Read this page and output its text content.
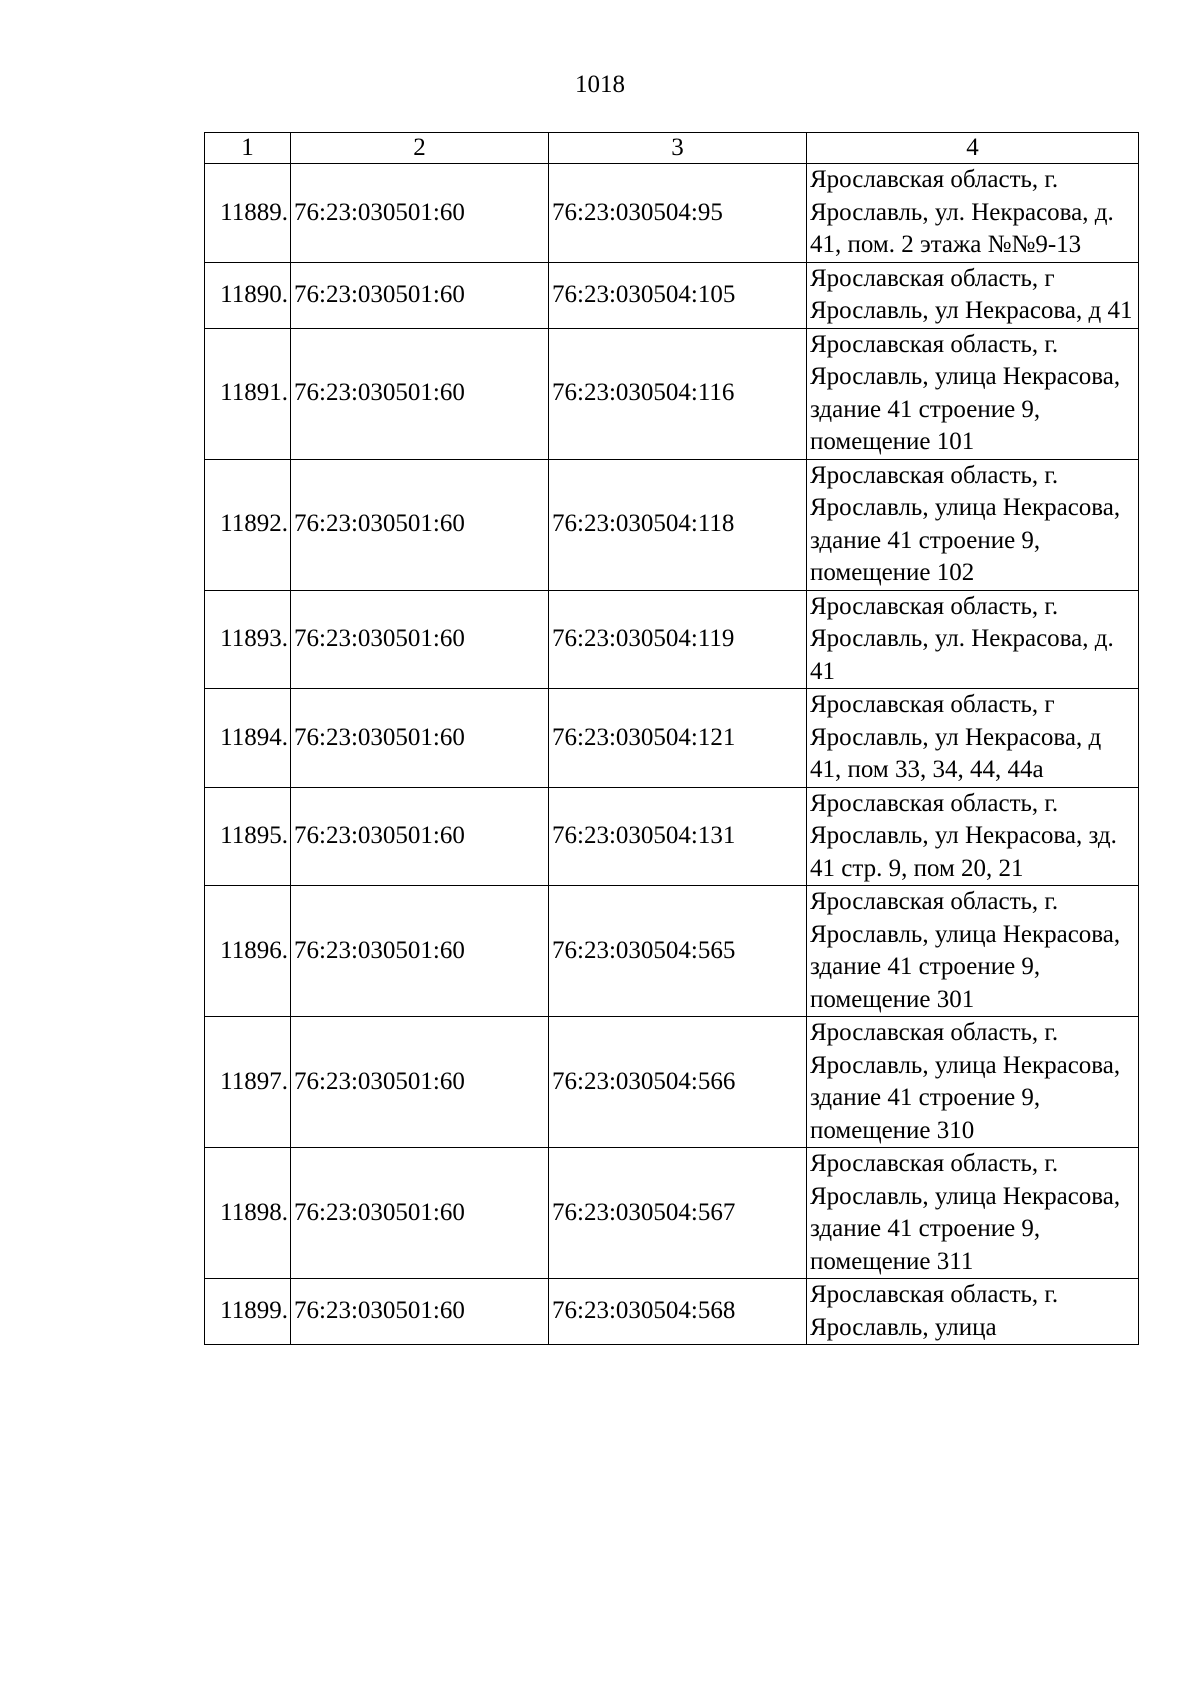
1018
1	2	3	4
11889.	76:23:030501:60	76:23:030504:95	Ярославская область, г. Ярославль, ул. Некрасова, д. 41, пом. 2 этажа №№9-13
11890.	76:23:030501:60	76:23:030504:105	Ярославская область, г Ярославль, ул Некрасова, д 41
11891.	76:23:030501:60	76:23:030504:116	Ярославская область, г. Ярославль, улица Некрасова, здание 41 строение 9, помещение 101
11892.	76:23:030501:60	76:23:030504:118	Ярославская область, г. Ярославль, улица Некрасова, здание 41 строение 9, помещение 102
11893.	76:23:030501:60	76:23:030504:119	Ярославская область, г. Ярославль, ул. Некрасова, д. 41
11894.	76:23:030501:60	76:23:030504:121	Ярославская область, г Ярославль, ул Некрасова, д 41, пом 33, 34, 44, 44а
11895.	76:23:030501:60	76:23:030504:131	Ярославская область, г. Ярославль, ул Некрасова, зд. 41 стр. 9, пом 20, 21
11896.	76:23:030501:60	76:23:030504:565	Ярославская область, г. Ярославль, улица Некрасова, здание 41 строение 9, помещение 301
11897.	76:23:030501:60	76:23:030504:566	Ярославская область, г. Ярославль, улица Некрасова, здание 41 строение 9, помещение 310
11898.	76:23:030501:60	76:23:030504:567	Ярославская область, г. Ярославль, улица Некрасова, здание 41 строение 9, помещение 311
11899.	76:23:030501:60	76:23:030504:568	Ярославская область, г. Ярославль, улица
